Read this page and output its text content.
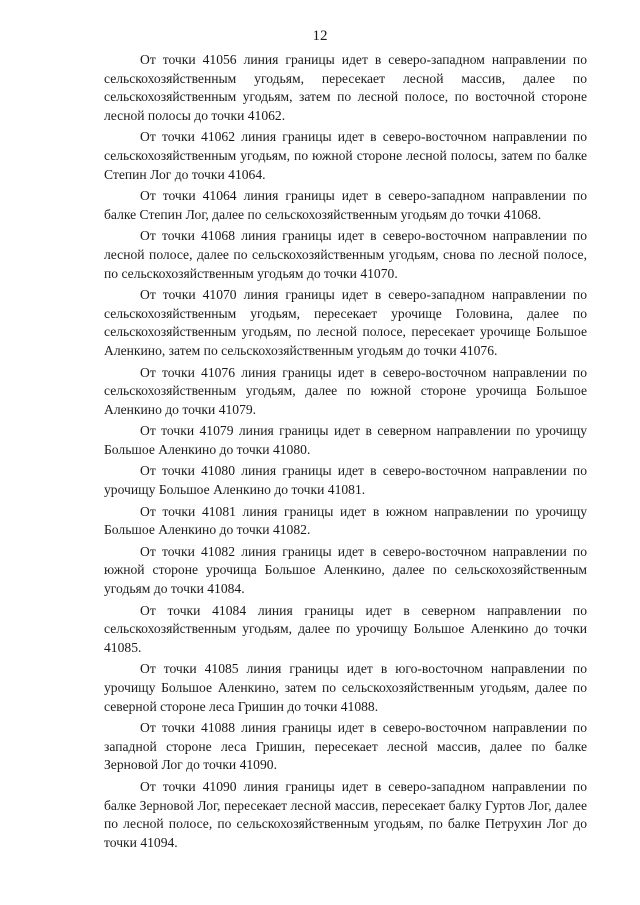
12

От точки 41056 линия границы идет в северо-западном направлении по сельскохозяйственным угодьям, пересекает лесной массив, далее по сельскохозяйственным угодьям, затем по лесной полосе, по восточной стороне лесной полосы до точки 41062.

От точки 41062 линия границы идет в северо-восточном направлении по сельскохозяйственным угодьям, по южной стороне лесной полосы, затем по балке Степин Лог до точки 41064.

От точки 41064 линия границы идет в северо-западном направлении по балке Степин Лог, далее по сельскохозяйственным угодьям до точки 41068.

От точки 41068 линия границы идет в северо-восточном направлении по лесной полосе, далее по сельскохозяйственным угодьям, снова по лесной полосе, по сельскохозяйственным угодьям до точки 41070.

От точки 41070 линия границы идет в северо-западном направлении по сельскохозяйственным угодьям, пересекает урочище Головина, далее по сельскохозяйственным угодьям, по лесной полосе, пересекает урочище Большое Аленкино, затем по сельскохозяйственным угодьям до точки 41076.

От точки 41076 линия границы идет в северо-восточном направлении по сельскохозяйственным угодьям, далее по южной стороне урочища Большое Аленкино до точки 41079.

От точки 41079 линия границы идет в северном направлении по урочищу Большое Аленкино до точки 41080.

От точки 41080 линия границы идет в северо-восточном направлении по урочищу Большое Аленкино до точки 41081.

От точки 41081 линия границы идет в южном направлении по урочищу Большое Аленкино до точки 41082.

От точки 41082 линия границы идет в северо-восточном направлении по южной стороне урочища Большое Аленкино, далее по сельскохозяйственным угодьям до точки 41084.

От точки 41084 линия границы идет в северном направлении по сельскохозяйственным угодьям, далее по урочищу Большое Аленкино до точки 41085.

От точки 41085 линия границы идет в юго-восточном направлении по урочищу Большое Аленкино, затем по сельскохозяйственным угодьям, далее по северной стороне леса Гришин до точки 41088.

От точки 41088 линия границы идет в северо-восточном направлении по западной стороне леса Гришин, пересекает лесной массив, далее по балке Зерновой Лог до точки 41090.

От точки 41090 линия границы идет в северо-западном направлении по балке Зерновой Лог, пересекает лесной массив, пересекает балку Гуртов Лог, далее по лесной полосе, по сельскохозяйственным угодьям, по балке Петрухин Лог до точки 41094.
